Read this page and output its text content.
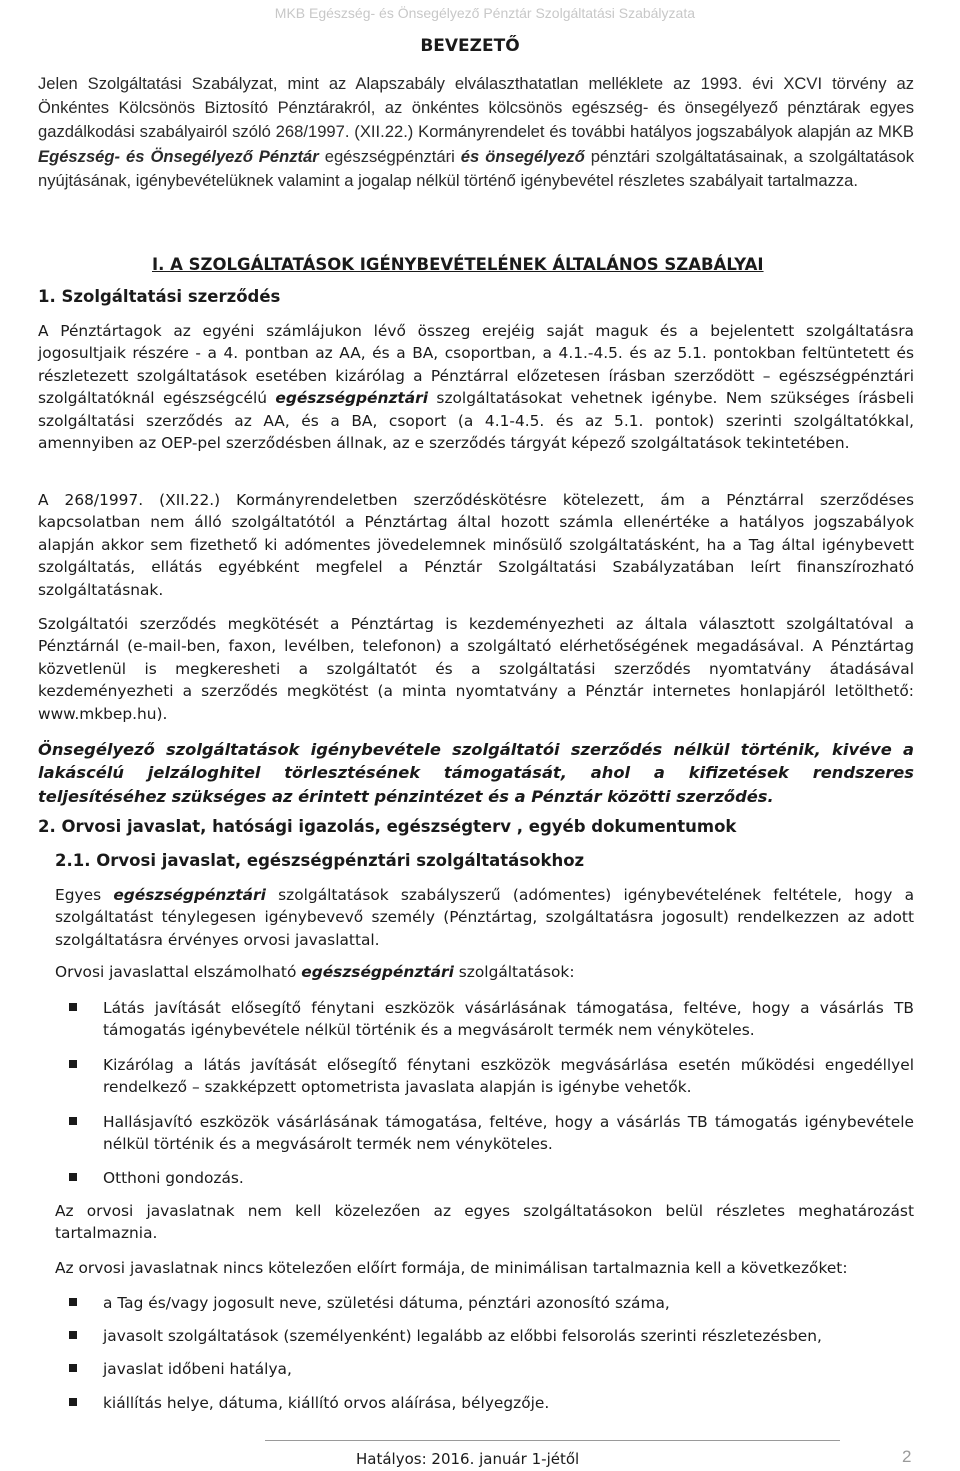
MKB Egészség- és Önsegélyező Pénztár Szolgáltatási Szabályzata
BEVEZETŐ

Jelen Szolgáltatási Szabályzat, mint az Alapszabály elválaszthatatlan melléklete az 1993. évi XCVI törvény az Önkéntes Kölcsönös Biztosító Pénztárakról, az önkéntes kölcsönös egészség- és önsegélyező pénztárak egyes gazdálkodási szabályairól szóló 268/1997. (XII.22.) Kormányrendelet és további hatályos jogszabályok alapján az MKB Egészség- és Önsegélyező Pénztár egészségpénztári és önsegélyező pénztári szolgáltatásainak, a szolgáltatások nyújtásának, igénybevételüknek valamint a jogalap nélkül történő igénybevétel részletes szabályait tartalmazza.

I. A SZOLGÁLTATÁSOK IGÉNYBEVÉTELÉNEK ÁLTALÁNOS SZABÁLYAI
1. Szolgáltatási szerződés

A Pénztártagok az egyéni számlájukon lévő összeg erejéig saját maguk és a bejelentett szolgáltatásra jogosultjaik részére - a 4. pontban az AA, és a BA, csoportban, a 4.1.-4.5. és az 5.1. pontokban feltüntetett és részletezett szolgáltatások esetében kizárólag a Pénztárral előzetesen írásban szerződött – egészségpénztári szolgáltatóknál egészségcélú egészségpénztári szolgáltatásokat vehetnek igénybe. Nem szükséges írásbeli szolgáltatási szerződés az AA, és a BA, csoport (a 4.1-4.5. és az 5.1. pontok) szerinti szolgáltatókkal, amennyiben az OEP-pel szerződésben állnak, az e szerződés tárgyát képező szolgáltatások tekintetében.

A 268/1997. (XII.22.) Kormányrendeletben szerződéskötésre kötelezett, ám a Pénztárral szerződéses kapcsolatban nem álló szolgáltatótól a Pénztártag által hozott számla ellenértéke a hatályos jogszabályok alapján akkor sem fizethető ki adómentes jövedelemnek minősülő szolgáltatásként, ha a Tag által igénybevett szolgáltatás, ellátás egyébként megfelel a Pénztár Szolgáltatási Szabályzatában leírt finanszírozható szolgáltatásnak.

Szolgáltatói szerződés megkötését a Pénztártag is kezdeményezheti az általa választott szolgáltatóval a Pénztárnál (e-mail-ben, faxon, levélben, telefonon) a szolgáltató elérhetőségének megadásával. A Pénztártag közvetlenül is megkeresheti a szolgáltatót és a szolgáltatási szerződés nyomtatvány átadásával kezdeményezheti a szerződés megkötést (a minta nyomtatvány a Pénztár internetes honlapjáról letölthető: www.mkbep.hu).

Önsegélyező szolgáltatások igénybevétele szolgáltatói szerződés nélkül történik, kivéve a lakáscélú jelzáloghitel törlesztésének támogatását, ahol a kifizetések rendszeres teljesítéséhez szükséges az érintett pénzintézet és a Pénztár közötti szerződés.

2. Orvosi javaslat, hatósági igazolás, egészségterv , egyéb dokumentumok
2.1. Orvosi javaslat, egészségpénztári szolgáltatásokhoz

Egyes egészségpénztári szolgáltatások szabályszerű (adómentes) igénybevételének feltétele, hogy a szolgáltatást ténylegesen igénybevevő személy (Pénztártag, szolgáltatásra jogosult) rendelkezzen az adott szolgáltatásra érvényes orvosi javaslattal.

Orvosi javaslattal elszámolható egészségpénztári szolgáltatások:

Látás javítását elősegítő fénytani eszközök vásárlásának támogatása, feltéve, hogy a vásárlás TB támogatás igénybevétele nélkül történik és a megvásárolt termék nem vényköteles.

Kizárólag a látás javítását elősegítő fénytani eszközök megvásárlása esetén működési engedéllyel rendelkező – szakképzett optometrista javaslata alapján is igénybe vehetők.

Hallásjavító eszközök vásárlásának támogatása, feltéve, hogy a vásárlás TB támogatás igénybevétele nélkül történik és a megvásárolt termék nem vényköteles.

Otthoni gondozás.

Az orvosi javaslatnak nem kell közelezően az egyes szolgáltatásokon belül részletes meghatározást tartalmaznia.

Az orvosi javaslatnak nincs kötelezően előírt formája, de minimálisan tartalmaznia kell a következőket:

a Tag és/vagy jogosult neve, születési dátuma, pénztári azonosító száma,

javasolt szolgáltatások (személyenként) legalább az előbbi felsorolás szerinti részletezésben,

javaslat időbeni hatálya,

kiállítás helye, dátuma, kiállító orvos aláírása, bélyegzője.

Hatályos: 2016. január 1-jétől	2
